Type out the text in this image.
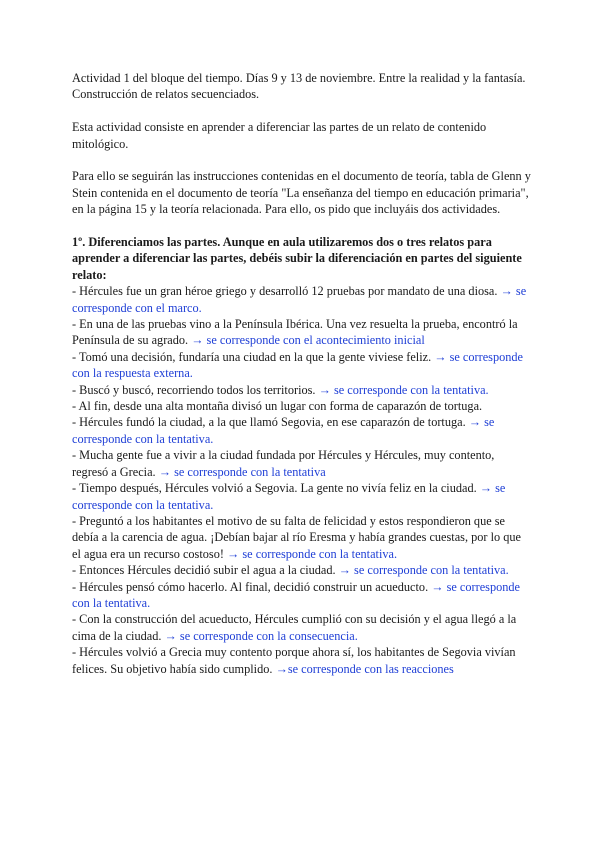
Actividad 1 del bloque del tiempo. Días 9 y 13 de noviembre. Entre la realidad y la fantasía. Construcción de relatos secuenciados.

Esta actividad consiste en aprender a diferenciar las partes de un relato de contenido mitológico.

Para ello se seguirán las instrucciones contenidas en el documento de teoría, tabla de Glenn y Stein contenida en el documento de teoría "La enseñanza del tiempo en educación primaria", en la página 15 y la teoría relacionada. Para ello, os pido que incluyáis dos actividades.

1º. Diferenciamos las partes. Aunque en aula utilizaremos dos o tres relatos para aprender a diferenciar las partes, debéis subir la diferenciación en partes del siguiente relato:

- Hércules fue un gran héroe griego y desarrolló 12 pruebas por mandato de una diosa. → se corresponde con el marco.

- En una de las pruebas vino a la Península Ibérica. Una vez resuelta la prueba, encontró la Península de su agrado. → se corresponde con el acontecimiento inicial

- Tomó una decisión, fundaría una ciudad en la que la gente viviese feliz. → se corresponde con la respuesta externa.

- Buscó y buscó, recorriendo todos los territorios. → se corresponde con la tentativa.

- Al fin, desde una alta montaña divisó un lugar con forma de caparazón de tortuga.

- Hércules fundó la ciudad, a la que llamó Segovia, en ese caparazón de tortuga. → se corresponde con la tentativa.

- Mucha gente fue a vivir a la ciudad fundada por Hércules y Hércules, muy contento, regresó a Grecia. → se corresponde con la tentativa

- Tiempo después, Hércules volvió a Segovia. La gente no vivía feliz en la ciudad. → se corresponde con la tentativa.

- Preguntó a los habitantes el motivo de su falta de felicidad y estos respondieron que se debía a la carencia de agua. ¡Debían bajar al río Eresma y había grandes cuestas, por lo que el agua era un recurso costoso! → se corresponde con la tentativa.

- Entonces Hércules decidió subir el agua a la ciudad. → se corresponde con la tentativa.

- Hércules pensó cómo hacerlo. Al final, decidió construir un acueducto. → se corresponde con la tentativa.

- Con la construcción del acueducto, Hércules cumplió con su decisión y el agua llegó a la cima de la ciudad. → se corresponde con la consecuencia.

- Hércules volvió a Grecia muy contento porque ahora sí, los habitantes de Segovia vivían felices. Su objetivo había sido cumplido. →se corresponde con las reacciones
